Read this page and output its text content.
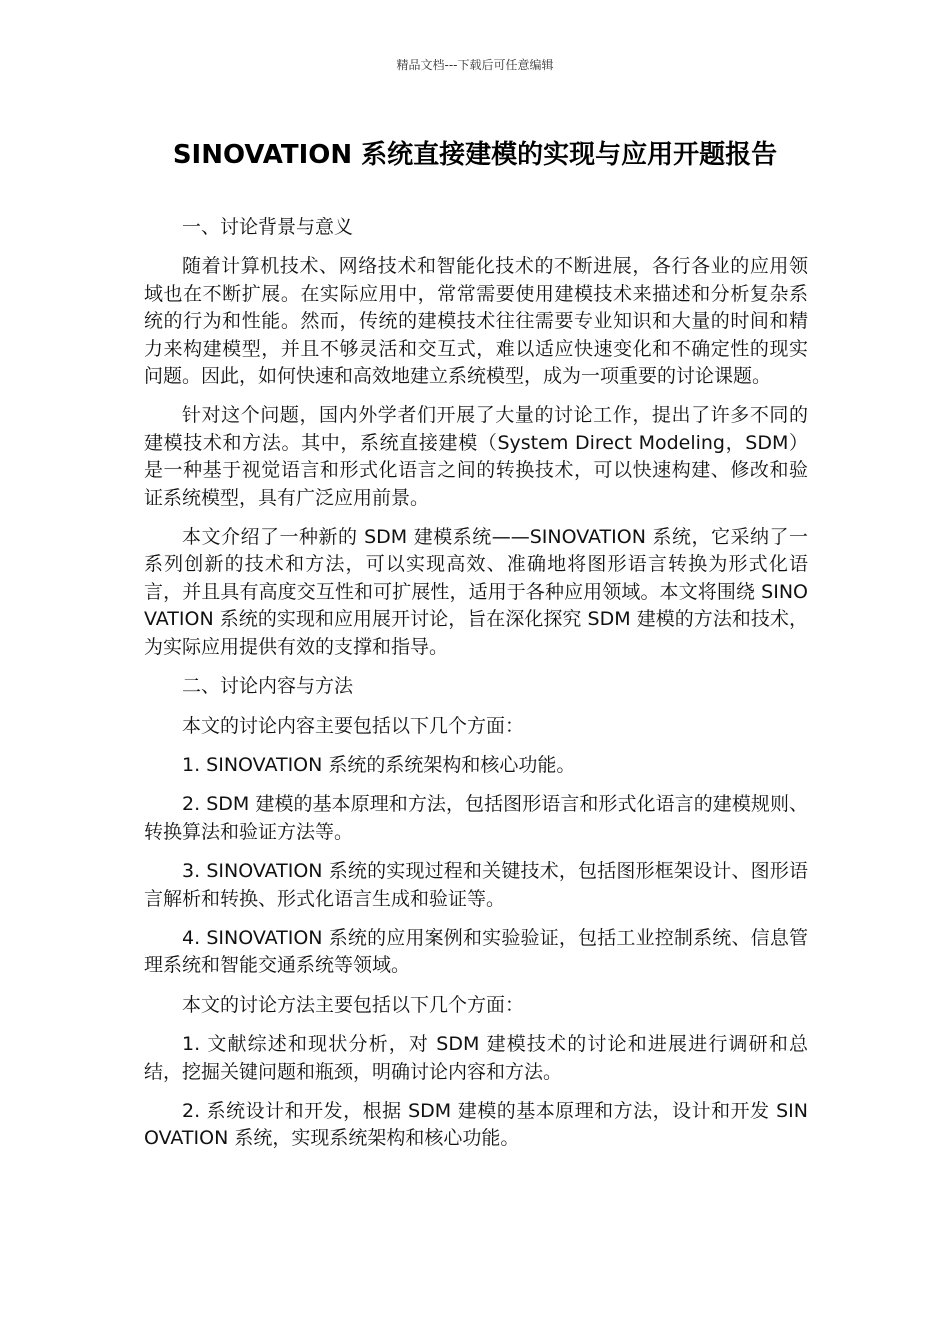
精品文档---下载后可任意编辑
SINOVATION 系统直接建模的实现与应用开题报告

一、讨论背景与意义

随着计算机技术、网络技术和智能化技术的不断进展，各行各业的应用领域也在不断扩展。在实际应用中，常常需要使用建模技术来描述和分析复杂系统的行为和性能。然而，传统的建模技术往往需要专业知识和大量的时间和精力来构建模型，并且不够灵活和交互式，难以适应快速变化和不确定性的现实问题。因此，如何快速和高效地建立系统模型，成为一项重要的讨论课题。

针对这个问题，国内外学者们开展了大量的讨论工作，提出了许多不同的建模技术和方法。其中，系统直接建模（System Direct Modeling，SDM）是一种基于视觉语言和形式化语言之间的转换技术，可以快速构建、修改和验证系统模型，具有广泛应用前景。

本文介绍了一种新的 SDM 建模系统——SINOVATION 系统，它采纳了一系列创新的技术和方法，可以实现高效、准确地将图形语言转换为形式化语言，并且具有高度交互性和可扩展性，适用于各种应用领域。本文将围绕 SINOVATION 系统的实现和应用展开讨论，旨在深化探究 SDM 建模的方法和技术，为实际应用提供有效的支撑和指导。

二、讨论内容与方法

本文的讨论内容主要包括以下几个方面：

1. SINOVATION 系统的系统架构和核心功能。

2. SDM 建模的基本原理和方法，包括图形语言和形式化语言的建模规则、转换算法和验证方法等。

3. SINOVATION 系统的实现过程和关键技术，包括图形框架设计、图形语言解析和转换、形式化语言生成和验证等。

4. SINOVATION 系统的应用案例和实验验证，包括工业控制系统、信息管理系统和智能交通系统等领域。

本文的讨论方法主要包括以下几个方面：

1. 文献综述和现状分析，对 SDM 建模技术的讨论和进展进行调研和总结，挖掘关键问题和瓶颈，明确讨论内容和方法。

2. 系统设计和开发，根据 SDM 建模的基本原理和方法，设计和开发 SINOVATION 系统，实现系统架构和核心功能。
